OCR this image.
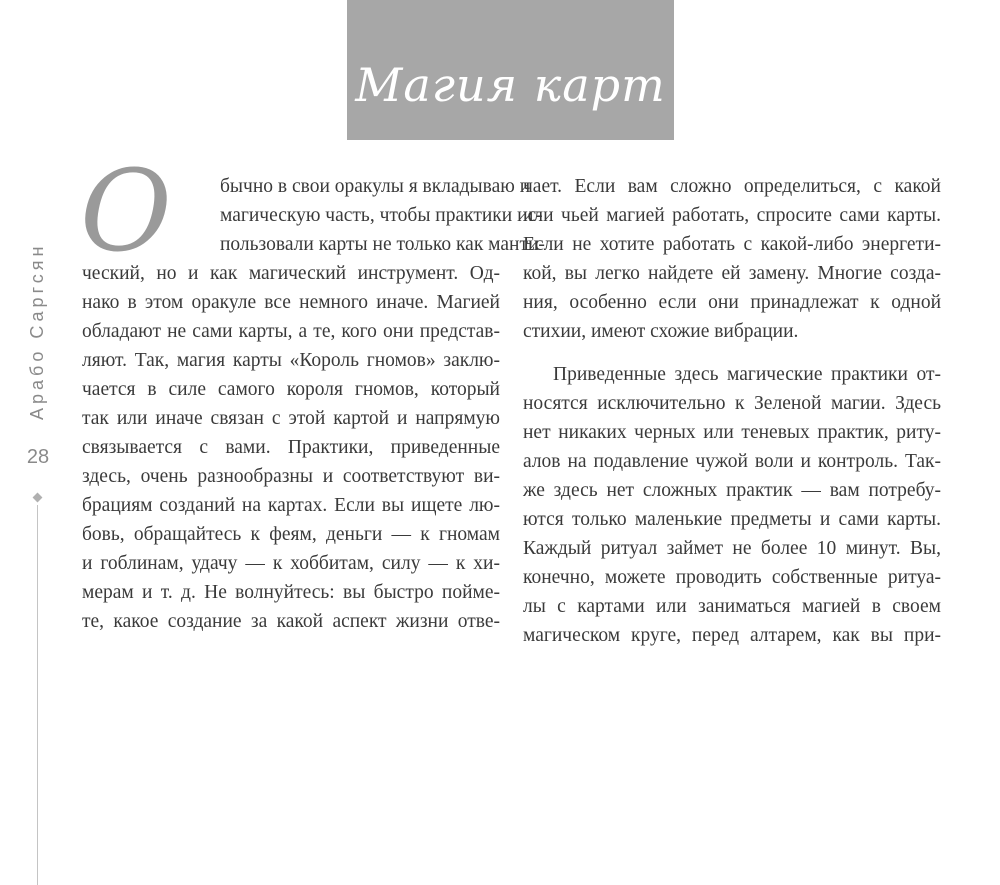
Магия карт
Арабо Саргсян
28
О	бычно в свои оракулы я вкладываю и
магическую часть, чтобы практики ис-
пользовали карты не только как манти-
ческий, но и как магический инструмент. Од-
нако в этом оракуле все немного иначе. Магией
обладают не сами карты, а те, кого они представ-
ляют. Так, магия карты «Король гномов» заклю-
чается в силе самого короля гномов, который
так или иначе связан с этой картой и напрямую
связывается с вами. Практики, приведенные
здесь, очень разнообразны и соответствуют ви-
брациям созданий на картах. Если вы ищете лю-
бовь, обращайтесь к феям, деньги — к гномам
и гоблинам, удачу — к хоббитам, силу — к хи-
мерам и т. д. Не волнуйтесь: вы быстро пойме-
те, какое создание за какой аспект жизни отве-
чает. Если вам сложно определиться, с какой
или чьей магией работать, спросите сами карты.
Если не хотите работать с какой-либо энергети-
кой, вы легко найдете ей замену. Многие созда-
ния, особенно если они принадлежат к одной
стихии, имеют схожие вибрации.
Приведенные здесь магические практики от-
носятся исключительно к Зеленой магии. Здесь
нет никаких черных или теневых практик, риту-
алов на подавление чужой воли и контроль. Так-
же здесь нет сложных практик — вам потребу-
ются только маленькие предметы и сами карты.
Каждый ритуал займет не более 10 минут. Вы,
конечно, можете проводить собственные ритуа-
лы с картами или заниматься магией в своем
магическом круге, перед алтарем, как вы при-
